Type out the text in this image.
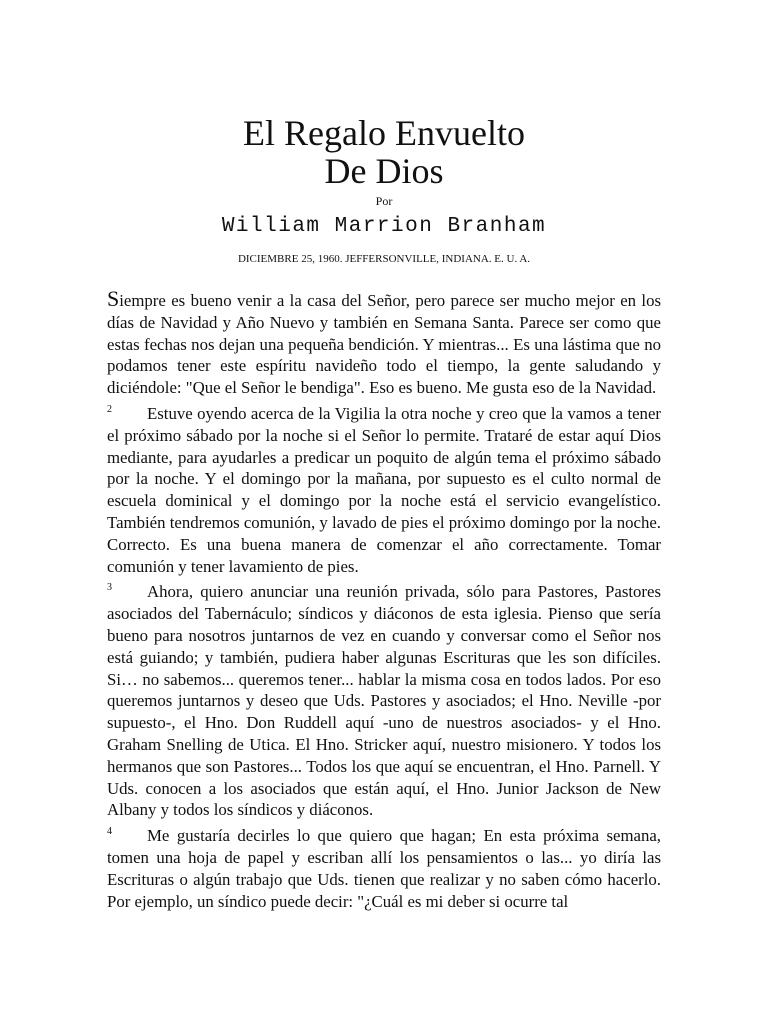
El Regalo Envuelto
De Dios
Por
William Marrion Branham
DICIEMBRE 25, 1960. JEFFERSONVILLE, INDIANA. E. U. A.

Siempre es bueno venir a la casa del Señor, pero parece ser mucho mejor en los días de Navidad y Año Nuevo y también en Semana Santa. Parece ser como que estas fechas nos dejan una pequeña bendición. Y mientras... Es una lástima que no podamos tener este espíritu navideño todo el tiempo, la gente saludando y diciéndole: "Que el Señor le bendiga". Eso es bueno. Me gusta eso de la Navidad.

2 Estuve oyendo acerca de la Vigilia la otra noche y creo que la vamos a tener el próximo sábado por la noche si el Señor lo permite. Trataré de estar aquí Dios mediante, para ayudarles a predicar un poquito de algún tema el próximo sábado por la noche. Y el domingo por la mañana, por supuesto es el culto normal de escuela dominical y el domingo por la noche está el servicio evangelístico. También tendremos comunión, y lavado de pies el próximo domingo por la noche. Correcto. Es una buena manera de comenzar el año correctamente. Tomar comunión y tener lavamiento de pies.

3 Ahora, quiero anunciar una reunión privada, sólo para Pastores, Pastores asociados del Tabernáculo; síndicos y diáconos de esta iglesia. Pienso que sería bueno para nosotros juntarnos de vez en cuando y conversar como el Señor nos está guiando; y también, pudiera haber algunas Escrituras que les son difíciles. Si… no sabemos... queremos tener... hablar la misma cosa en todos lados. Por eso queremos juntarnos y deseo que Uds. Pastores y asociados; el Hno. Neville -por supuesto-, el Hno. Don Ruddell aquí -uno de nuestros asociados- y el Hno. Graham Snelling de Utica. El Hno. Stricker aquí, nuestro misionero. Y todos los hermanos que son Pastores... Todos los que aquí se encuentran, el Hno. Parnell. Y Uds. conocen a los asociados que están aquí, el Hno. Junior Jackson de New Albany y todos los síndicos y diáconos.

4 Me gustaría decirles lo que quiero que hagan; En esta próxima semana, tomen una hoja de papel y escriban allí los pensamientos o las... yo diría las Escrituras o algún trabajo que Uds. tienen que realizar y no saben cómo hacerlo. Por ejemplo, un síndico puede decir: "¿Cuál es mi deber si ocurre tal
